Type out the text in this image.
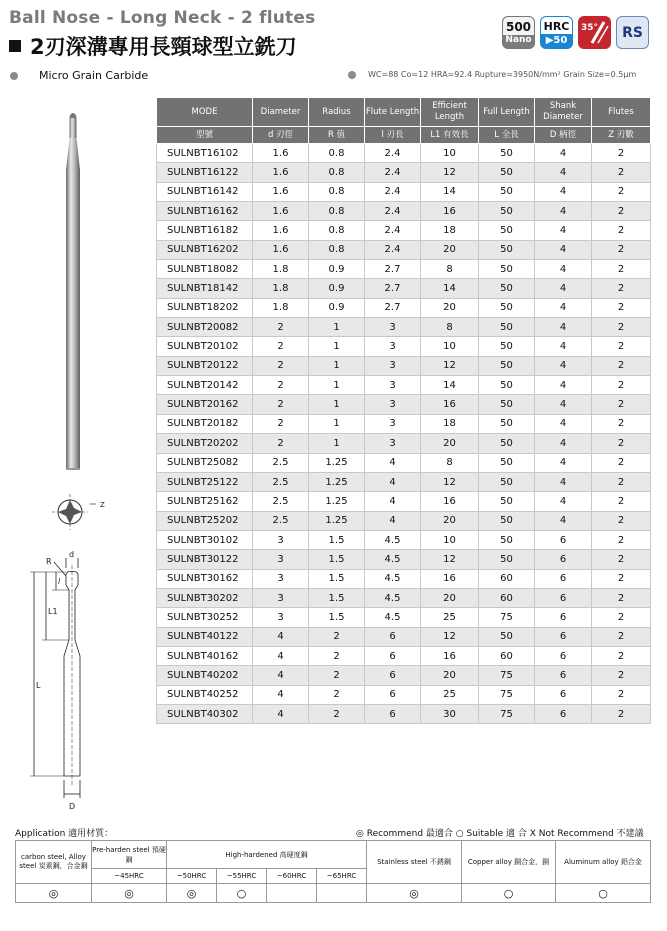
Ball Nose - Long Neck - 2 flutes
2刃深溝專用長頸球型立銑刀
500
Nano
HRC
▶50
35° RS
Micro Grain Carbide	WC=88 Co=12 HRA=92.4 Rupture=3950N/mm² Grain Size=0.5μm
Z
R
d
l
L1
L
D
MODE	Diameter	Radius	Flute Length	Efficient Length	Full Length	Shank Diameter	Flutes
型號	d 刃徑	R 值	l 刃長	L1 有效長	L 全長	D 柄徑	Z 刃數
SULNBT16102	1.6	0.8	2.4	10	50	4	2
SULNBT16122	1.6	0.8	2.4	12	50	4	2
SULNBT16142	1.6	0.8	2.4	14	50	4	2
SULNBT16162	1.6	0.8	2.4	16	50	4	2
SULNBT16182	1.6	0.8	2.4	18	50	4	2
SULNBT16202	1.6	0.8	2.4	20	50	4	2
SULNBT18082	1.8	0.9	2.7	8	50	4	2
SULNBT18142	1.8	0.9	2.7	14	50	4	2
SULNBT18202	1.8	0.9	2.7	20	50	4	2
SULNBT20082	2	1	3	8	50	4	2
SULNBT20102	2	1	3	10	50	4	2
SULNBT20122	2	1	3	12	50	4	2
SULNBT20142	2	1	3	14	50	4	2
SULNBT20162	2	1	3	16	50	4	2
SULNBT20182	2	1	3	18	50	4	2
SULNBT20202	2	1	3	20	50	4	2
SULNBT25082	2.5	1.25	4	8	50	4	2
SULNBT25122	2.5	1.25	4	12	50	4	2
SULNBT25162	2.5	1.25	4	16	50	4	2
SULNBT25202	2.5	1.25	4	20	50	4	2
SULNBT30102	3	1.5	4.5	10	50	6	2
SULNBT30122	3	1.5	4.5	12	50	6	2
SULNBT30162	3	1.5	4.5	16	60	6	2
SULNBT30202	3	1.5	4.5	20	60	6	2
SULNBT30252	3	1.5	4.5	25	75	6	2
SULNBT40122	4	2	6	12	50	6	2
SULNBT40162	4	2	6	16	60	6	2
SULNBT40202	4	2	6	20	75	6	2
SULNBT40252	4	2	6	25	75	6	2
SULNBT40302	4	2	6	30	75	6	2
Application 適用材質：	◎ Recommend 最適合 ○ Suitable 適 合 X Not Recommend 不建議
carbon steel, Alloy steel 炭素鋼，合金鋼	Pre-harden steel 預硬鋼	High-hardened 高硬度鋼				Stainless steel 不銹鋼	Copper alloy 銅合金，銅	Aluminum alloy 鋁合金
	~45HRC	~50HRC	~55HRC	~60HRC	~65HRC			
◎	◎	◎	○			◎	○	○
